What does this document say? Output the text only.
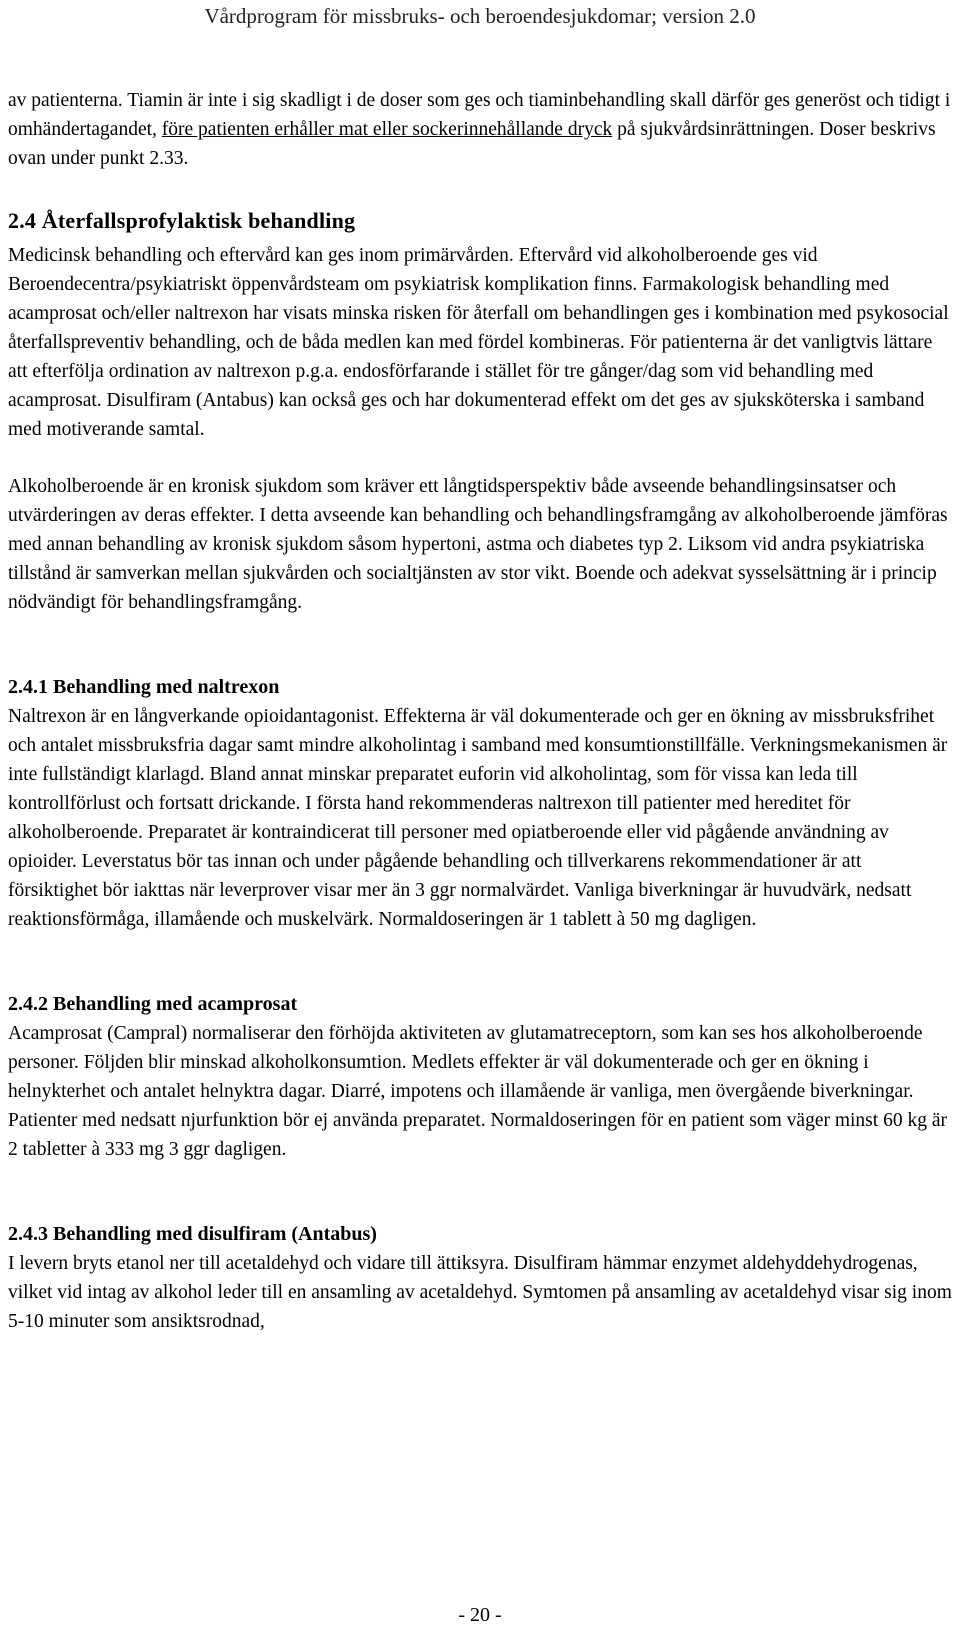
Vårdprogram för missbruks- och beroendesjukdomar; version 2.0

av patienterna. Tiamin är inte i sig skadligt i de doser som ges och tiaminbehandling skall därför ges generöst och tidigt i omhändertagandet, före patienten erhåller mat eller sockerinnehållande dryck på sjukvårdsinrättningen. Doser beskrivs ovan under punkt 2.33.

2.4 Återfallsprofylaktisk behandling

Medicinsk behandling och eftervård kan ges inom primärvården. Eftervård vid alkoholberoende ges vid Beroendecentra/psykiatriskt öppenvårdsteam om psykiatrisk komplikation finns. Farmakologisk behandling med acamprosat och/eller naltrexon har visats minska risken för återfall om behandlingen ges i kombination med psykosocial återfallspreventiv behandling, och de båda medlen kan med fördel kombineras. För patienterna är det vanligtvis lättare att efterfölja ordination av naltrexon p.g.a. endosförfarande i stället för tre gånger/dag som vid behandling med acamprosat. Disulfiram (Antabus) kan också ges och har dokumenterad effekt om det ges av sjuksköterska i samband med motiverande samtal.

Alkoholberoende är en kronisk sjukdom som kräver ett långtidsperspektiv både avseende behandlingsinsatser och utvärderingen av deras effekter. I detta avseende kan behandling och behandlingsframgång av alkoholberoende jämföras med annan behandling av kronisk sjukdom såsom hypertoni, astma och diabetes typ 2. Liksom vid andra psykiatriska tillstånd är samverkan mellan sjukvården och socialtjänsten av stor vikt. Boende och adekvat sysselsättning är i princip nödvändigt för behandlingsframgång.

2.4.1 Behandling med naltrexon

Naltrexon är en långverkande opioidantagonist. Effekterna är väl dokumenterade och ger en ökning av missbruksfrihet och antalet missbruksfria dagar samt mindre alkoholintag i samband med konsumtionstillfälle. Verkningsmekanismen är inte fullständigt klarlagd. Bland annat minskar preparatet euforin vid alkoholintag, som för vissa kan leda till kontrollförlust och fortsatt drickande. I första hand rekommenderas naltrexon till patienter med hereditet för alkoholberoende. Preparatet är kontraindicerat till personer med opiatberoende eller vid pågående användning av opioider. Leverstatus bör tas innan och under pågående behandling och tillverkarens rekommendationer är att försiktighet bör iakttas när leverprover visar mer än 3 ggr normalvärdet. Vanliga biverkningar är huvudvärk, nedsatt reaktionsförmåga, illamående och muskelvärk. Normaldoseringen är 1 tablett à 50 mg dagligen.

2.4.2 Behandling med acamprosat

Acamprosat (Campral) normaliserar den förhöjda aktiviteten av glutamatreceptorn, som kan ses hos alkoholberoende personer. Följden blir minskad alkoholkonsumtion. Medlets effekter är väl dokumenterade och ger en ökning i helnykterhet och antalet helnyktra dagar. Diarré, impotens och illamående är vanliga, men övergående biverkningar. Patienter med nedsatt njurfunktion bör ej använda preparatet. Normaldoseringen för en patient som väger minst 60 kg är 2 tabletter à 333 mg 3 ggr dagligen.

2.4.3 Behandling med disulfiram (Antabus)

I levern bryts etanol ner till acetaldehyd och vidare till ättiksyra. Disulfiram hämmar enzymet aldehyddehydrogenas, vilket vid intag av alkohol leder till en ansamling av acetaldehyd. Symtomen på ansamling av acetaldehyd visar sig inom 5-10 minuter som ansiktsrodnad,

- 20 -
